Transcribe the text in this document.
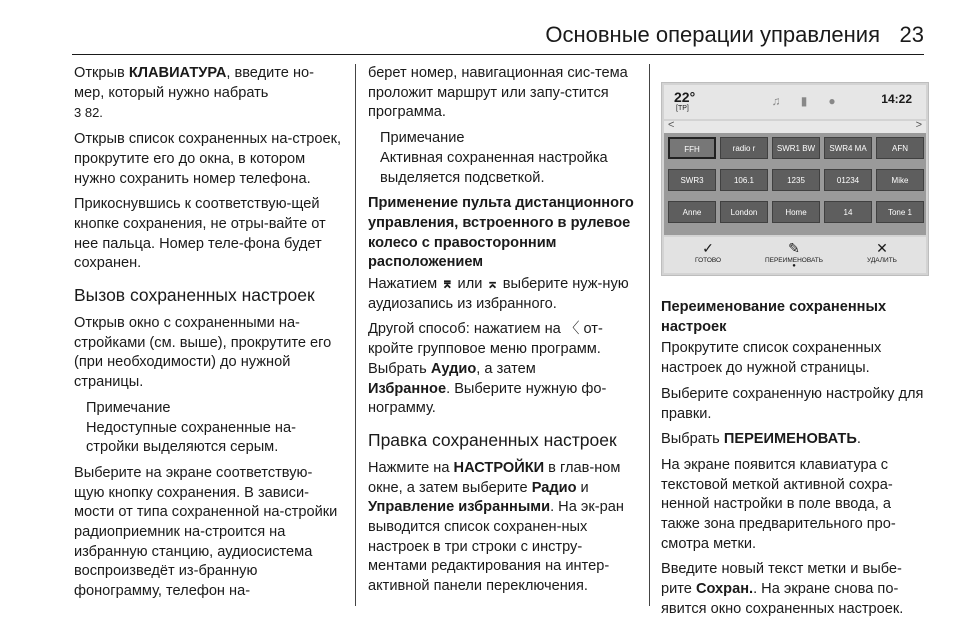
Основные операции управления 23

Открыв КЛАВИАТУРА, введите но-мер, который нужно набрать
3 82.

Открыв список сохраненных на-строек, прокрутите его до окна, в котором нужно сохранить номер телефона.

Прикоснувшись к соответствую-щей кнопке сохранения, не отры-вайте от нее пальца. Номер теле-фона будет сохранен.

Вызов сохраненных настроек

Открыв окно с сохраненными на-стройками (см. выше), прокрутите его (при необходимости) до нужной страницы.

Примечание
Недоступные сохраненные на-стройки выделяются серым.

Выберите на экране соответствую-щую кнопку сохранения. В зависи-мости от типа сохраненной на-стройки радиоприемник на-строится на избранную станцию, аудиосистема воспроизведёт из-бранную фонограмму, телефон на-

берет номер, навигационная сис-тема проложит маршрут или запу-стится программа.

Примечание
Активная сохраненная настройка выделяется подсветкой.
Применение пульта дистанционного управления, встроенного в рулевое колесо с правосторонним расположением

Нажатием ⌆ или ⌅ выберите нуж-ную аудиозапись из избранного.

Другой способ: нажатием на 〈 от-кройте групповое меню программ.
Выбрать Аудио, а затем
Избранное. Выберите нужную фо-нограмму.

Правка сохраненных настроек

Нажмите на НАСТРОЙКИ в глав-ном окне, а затем выберите Радио и Управление избранными. На эк-ран выводится список сохранен-ных настроек в три строки с инстру-ментами редактирования на интер-активной панели переключения.

22°
[TP]
♫	▮	●	14:22
<	>
FFH	radio r	SWR1 BW	SWR4 MA	AFN
SWR3	106.1	1235	01234	Mike
Anne	London	Home	14	Tone 1
✓
ГОТОВО
✎
ПЕРЕИМЕНОВАТЬ
●
✕
УДАЛИТЬ
Переименование сохраненных настроек

Прокрутите список сохраненных настроек до нужной страницы.

Выберите сохраненную настройку для правки.

Выбрать ПЕРЕИМЕНОВАТЬ.

На экране появится клавиатура с текстовой меткой активной сохра-ненной настройки в поле ввода, а также зона предварительного про-смотра метки.

Введите новый текст метки и выбе-рите Сохран.. На экране снова по-явится окно сохраненных настроек.
